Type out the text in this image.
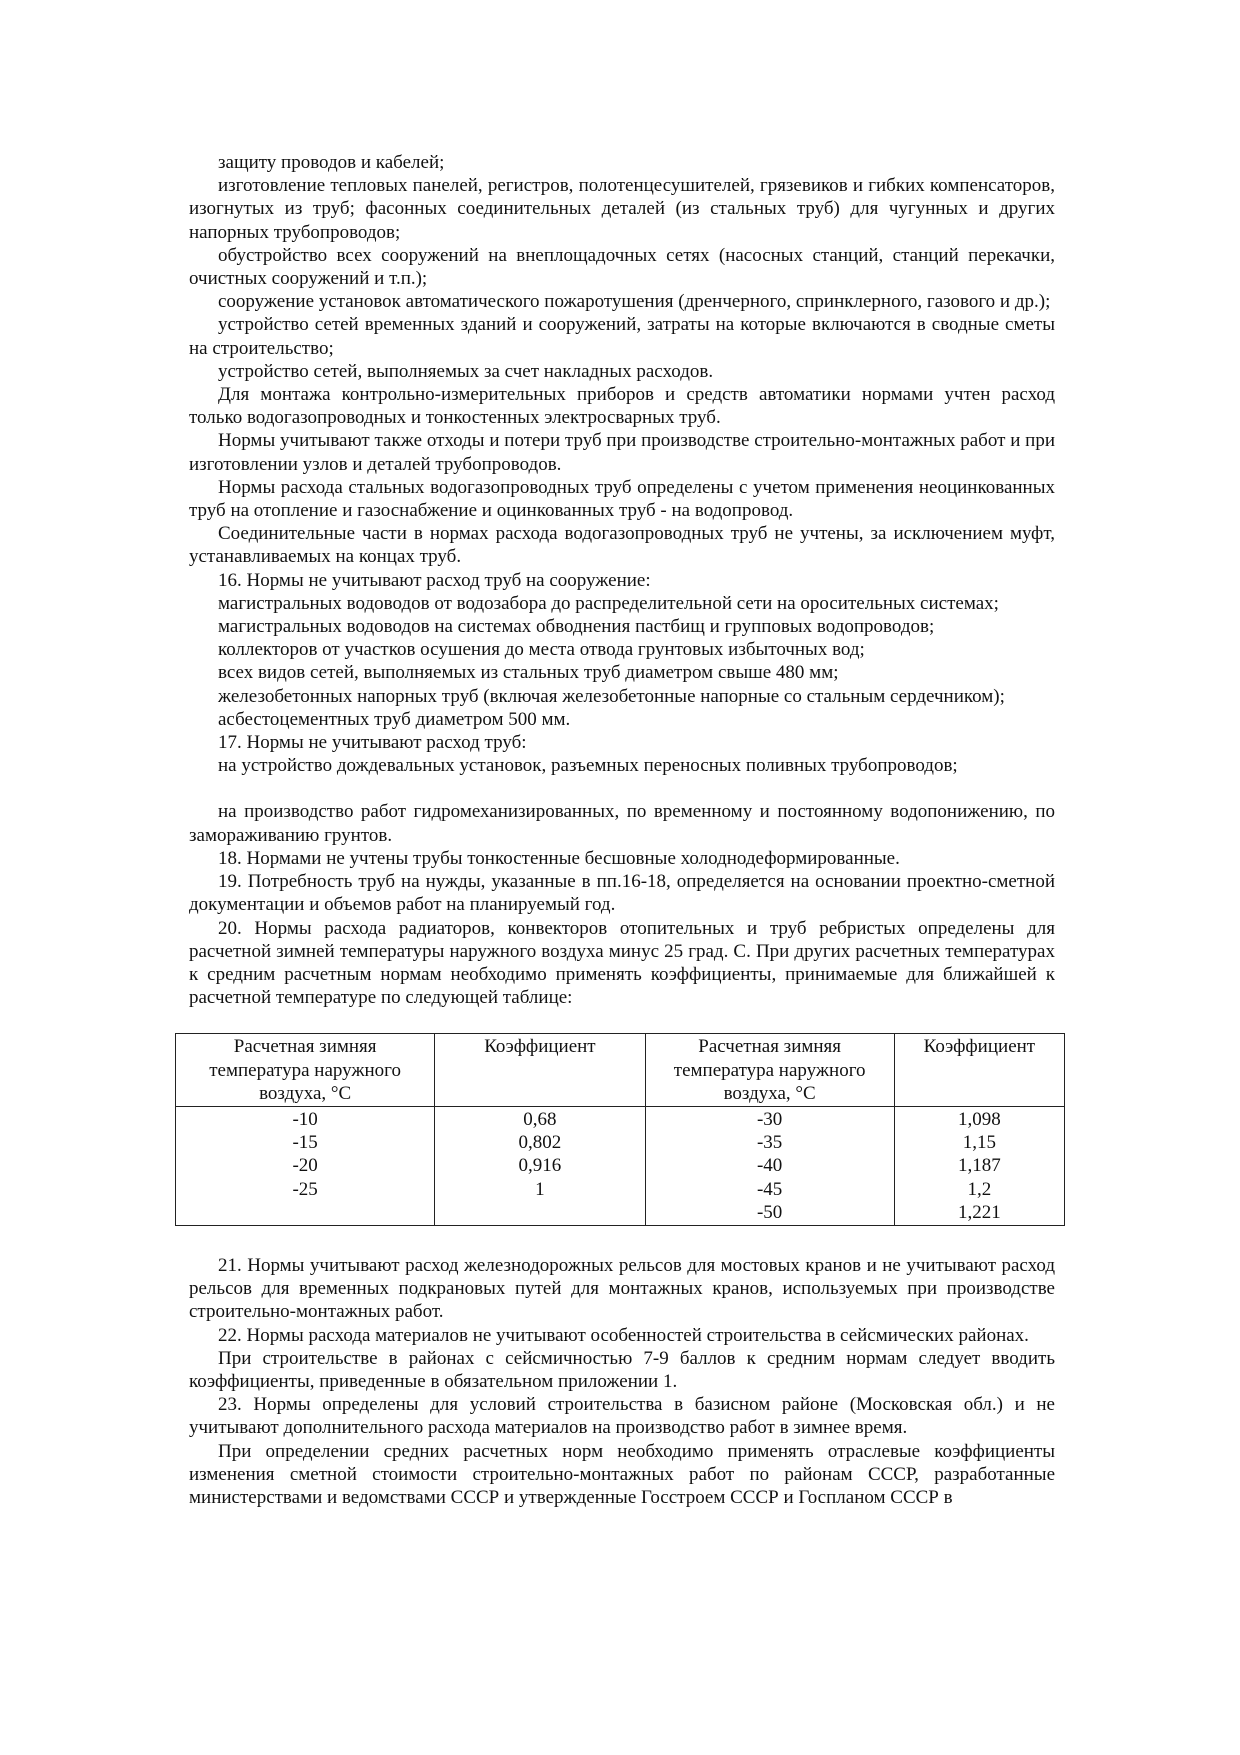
защиту проводов и кабелей;

изготовление тепловых панелей, регистров, полотенцесушителей, грязевиков и гибких компенсаторов, изогнутых из труб; фасонных соединительных деталей (из стальных труб) для чугунных и других напорных трубопроводов;

обустройство всех сооружений на внеплощадочных сетях (насосных станций, станций перекачки, очистных сооружений и т.п.);

сооружение установок автоматического пожаротушения (дренчерного, спринклерного, газового и др.);

устройство сетей временных зданий и сооружений, затраты на которые включаются в сводные сметы на строительство;

устройство сетей, выполняемых за счет накладных расходов.

Для монтажа контрольно-измерительных приборов и средств автоматики нормами учтен расход только водогазопроводных и тонкостенных электросварных труб.

Нормы учитывают также отходы и потери труб при производстве строительно-монтажных работ и при изготовлении узлов и деталей трубопроводов.

Нормы расхода стальных водогазопроводных труб определены с учетом применения неоцинкованных труб на отопление и газоснабжение и оцинкованных труб - на водопровод.

Соединительные части в нормах расхода водогазопроводных труб не учтены, за исключением муфт, устанавливаемых на концах труб.

16. Нормы не учитывают расход труб на сооружение:

магистральных водоводов от водозабора до распределительной сети на оросительных системах;

магистральных водоводов на системах обводнения пастбищ и групповых водопроводов;

коллекторов от участков осушения до места отвода грунтовых избыточных вод;

всех видов сетей, выполняемых из стальных труб диаметром свыше 480 мм;

железобетонных напорных труб (включая железобетонные напорные со стальным сердечником);

асбестоцементных труб диаметром 500 мм.

17. Нормы не учитывают расход труб:

на устройство дождевальных установок, разъемных переносных поливных трубопроводов;

на производство работ гидромеханизированных, по временному и постоянному водопонижению, по замораживанию грунтов.

18. Нормами не учтены трубы тонкостенные бесшовные холоднодеформированные.

19. Потребность труб на нужды, указанные в пп.16-18, определяется на основании проектно-сметной документации и объемов работ на планируемый год.

20. Нормы расхода радиаторов, конвекторов отопительных и труб ребристых определены для расчетной зимней температуры наружного воздуха минус 25 град. С. При других расчетных температурах к средним расчетным нормам необходимо применять коэффициенты, принимаемые для ближайшей к расчетной температуре по следующей таблице:

Расчетная зимняя температура наружного воздуха, °С	Коэффициент	Расчетная зимняя температура наружного воздуха, °С	Коэффициент
-10	0,68	-30	1,098
-15	0,802	-35	1,15
-20	0,916	-40	1,187
-25	1	-45	1,2
		-50	1,221

21. Нормы учитывают расход железнодорожных рельсов для мостовых кранов и не учитывают расход рельсов для временных подкрановых путей для монтажных кранов, используемых при производстве строительно-монтажных работ.

22. Нормы расхода материалов не учитывают особенностей строительства в сейсмических районах.

При строительстве в районах с сейсмичностью 7-9 баллов к средним нормам следует вводить коэффициенты, приведенные в обязательном приложении 1.

23. Нормы определены для условий строительства в базисном районе (Московская обл.) и не учитывают дополнительного расхода материалов на производство работ в зимнее время.

При определении средних расчетных норм необходимо применять отраслевые коэффициенты изменения сметной стоимости строительно-монтажных работ по районам СССР, разработанные министерствами и ведомствами СССР и утвержденные Госстроем СССР и Госпланом СССР в
